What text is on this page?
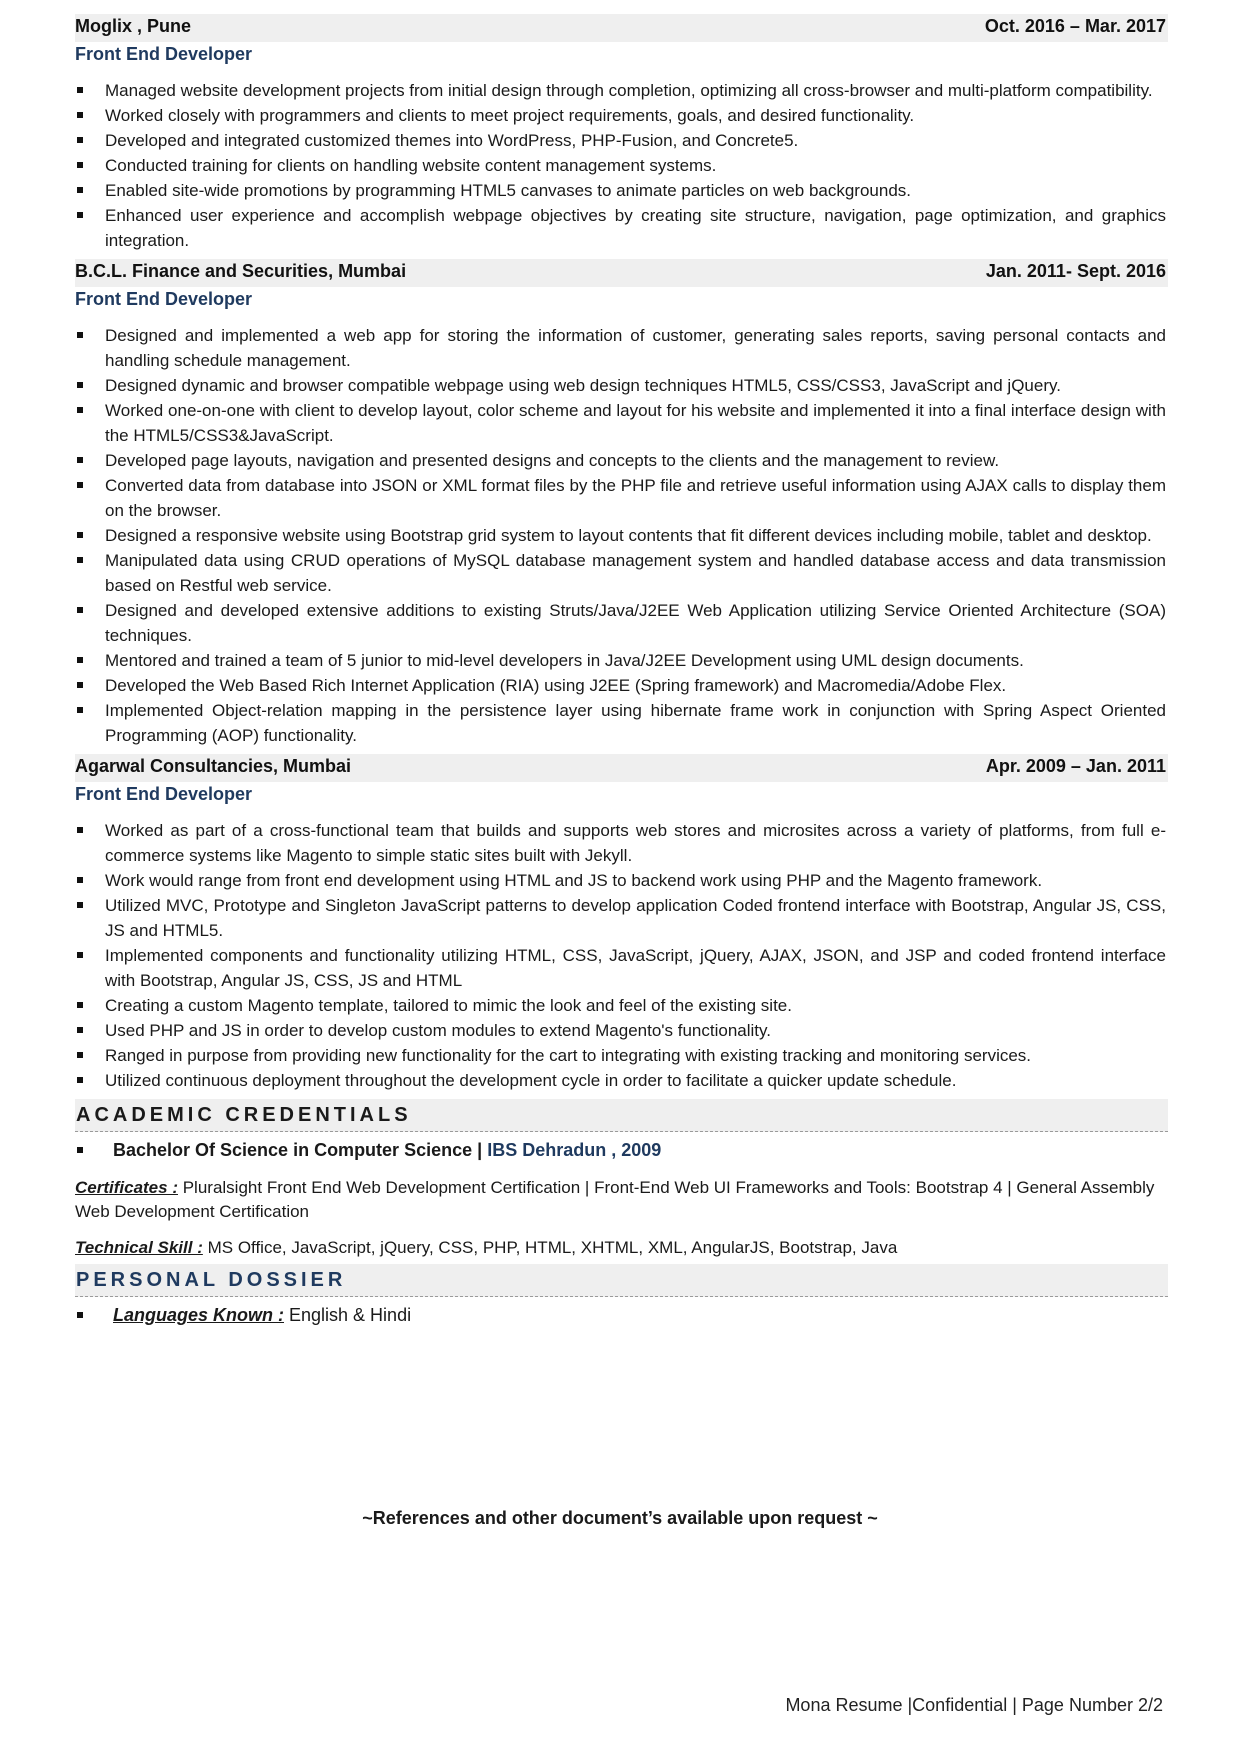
Moglix , Pune	Oct. 2016 – Mar. 2017
Front End Developer
Managed website development projects from initial design through completion, optimizing all cross-browser and multi-platform compatibility.
Worked closely with programmers and clients to meet project requirements, goals, and desired functionality.
Developed and integrated customized themes into WordPress, PHP-Fusion, and Concrete5.
Conducted training for clients on handling website content management systems.
Enabled site-wide promotions by programming HTML5 canvases to animate particles on web backgrounds.
Enhanced user experience and accomplish webpage objectives by creating site structure, navigation, page optimization, and graphics integration.
B.C.L. Finance and Securities, Mumbai	Jan. 2011- Sept. 2016
Front End Developer
Designed and implemented a web app for storing the information of customer, generating sales reports, saving personal contacts and handling schedule management.
Designed dynamic and browser compatible webpage using web design techniques HTML5, CSS/CSS3, JavaScript and jQuery.
Worked one-on-one with client to develop layout, color scheme and layout for his website and implemented it into a final interface design with the HTML5/CSS3&JavaScript.
Developed page layouts, navigation and presented designs and concepts to the clients and the management to review.
Converted data from database into JSON or XML format files by the PHP file and retrieve useful information using AJAX calls to display them on the browser.
Designed a responsive website using Bootstrap grid system to layout contents that fit different devices including mobile, tablet and desktop.
Manipulated data using CRUD operations of MySQL database management system and handled database access and data transmission based on Restful web service.
Designed and developed extensive additions to existing Struts/Java/J2EE Web Application utilizing Service Oriented Architecture (SOA) techniques.
Mentored and trained a team of 5 junior to mid-level developers in Java/J2EE Development using UML design documents.
Developed the Web Based Rich Internet Application (RIA) using J2EE (Spring framework) and Macromedia/Adobe Flex.
Implemented Object-relation mapping in the persistence layer using hibernate frame work in conjunction with Spring Aspect Oriented Programming (AOP) functionality.
Agarwal Consultancies, Mumbai	Apr. 2009 – Jan. 2011
Front End Developer
Worked as part of a cross-functional team that builds and supports web stores and microsites across a variety of platforms, from full e-commerce systems like Magento to simple static sites built with Jekyll.
Work would range from front end development using HTML and JS to backend work using PHP and the Magento framework.
Utilized MVC, Prototype and Singleton JavaScript patterns to develop application Coded frontend interface with Bootstrap, Angular JS, CSS, JS and HTML5.
Implemented components and functionality utilizing HTML, CSS, JavaScript, jQuery, AJAX, JSON, and JSP and coded frontend interface with Bootstrap, Angular JS, CSS, JS and HTML
Creating a custom Magento template, tailored to mimic the look and feel of the existing site.
Used PHP and JS in order to develop custom modules to extend Magento's functionality.
Ranged in purpose from providing new functionality for the cart to integrating with existing tracking and monitoring services.
Utilized continuous deployment throughout the development cycle in order to facilitate a quicker update schedule.
ACADEMIC CREDENTIALS
Bachelor Of Science in Computer Science | IBS Dehradun , 2009
Certificates : Pluralsight Front End Web Development Certification | Front-End Web UI Frameworks and Tools: Bootstrap 4 | General Assembly Web Development Certification
Technical Skill : MS Office, JavaScript, jQuery, CSS, PHP, HTML, XHTML, XML, AngularJS, Bootstrap, Java
PERSONAL DOSSIER
Languages Known : English & Hindi
~References and other document’s available upon request ~
Mona Resume |Confidential | Page Number 2/2
